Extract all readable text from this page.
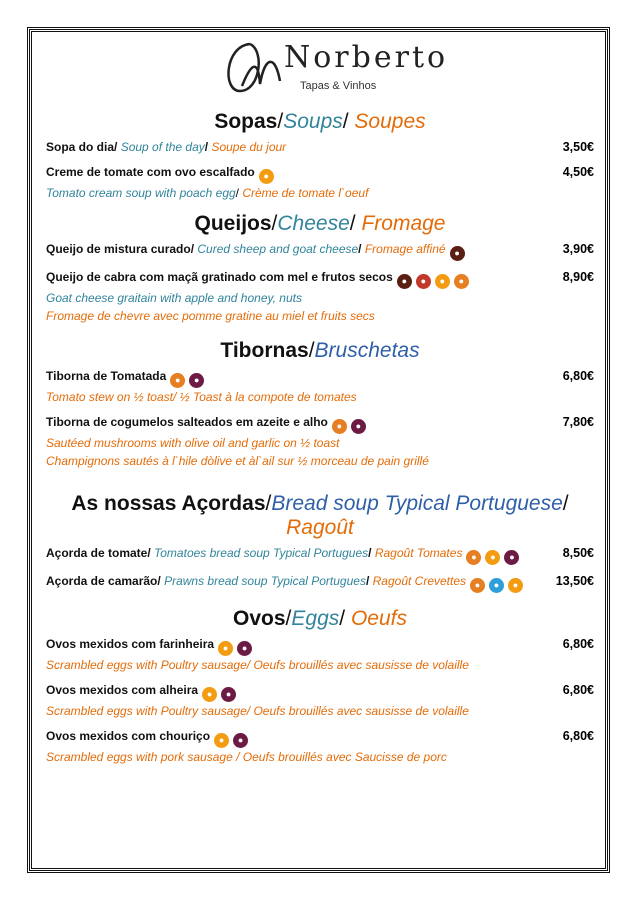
Norberto
Tapas & Vinhos
Sopas/Soups/ Soupes
Sopa do dia/ Soup of the day/ Soupe du jour	3,50€
Creme de tomate com ovo escalfado ●	4,50€
Tomato cream soup with poach egg/ Crème de tomate l`oeuf
Queijos/Cheese/ Fromage
Queijo de mistura curado/ Cured sheep and goat cheese/ Fromage affiné ●	3,90€
Queijo de cabra com maçã gratinado com mel e frutos secos ● ● ● ●	8,90€
Goat cheese graitain with apple and honey, nuts
Fromage de chevre avec pomme gratine au miel et fruits secs
Tibornas/Bruschetas
Tiborna de Tomatada ● ●	6,80€
Tomato stew on ½ toast/ ½ Toast à la compote de tomates
Tiborna de cogumelos salteados em azeite e alho ● ●	7,80€
Sautéed mushrooms with olive oil and garlic on ½ toast
Champignons sautés à l`hile dòlive et àl`ail sur ½ morceau de pain grillé
As nossas Açordas/Bread soup Typical Portuguese/ Ragoût
Açorda de tomate/ Tomatoes bread soup Typical Portugues/ Ragoût Tomates ● ● ●	8,50€
Açorda de camarão/ Prawns bread soup Typical Portugues/ Ragoût Crevettes ● ● ●	13,50€
Ovos/Eggs/ Oeufs
Ovos mexidos com farinheira ● ●	6,80€
Scrambled eggs with Poultry sausage/ Oeufs brouillés avec sausisse de volaille
Ovos mexidos com alheira ● ●	6,80€
Scrambled eggs with Poultry sausage/ Oeufs brouillés avec sausisse de volaille
Ovos mexidos com chouriço ● ●	6,80€
Scrambled eggs with pork sausage / Oeufs brouillés avec Saucisse de porc
